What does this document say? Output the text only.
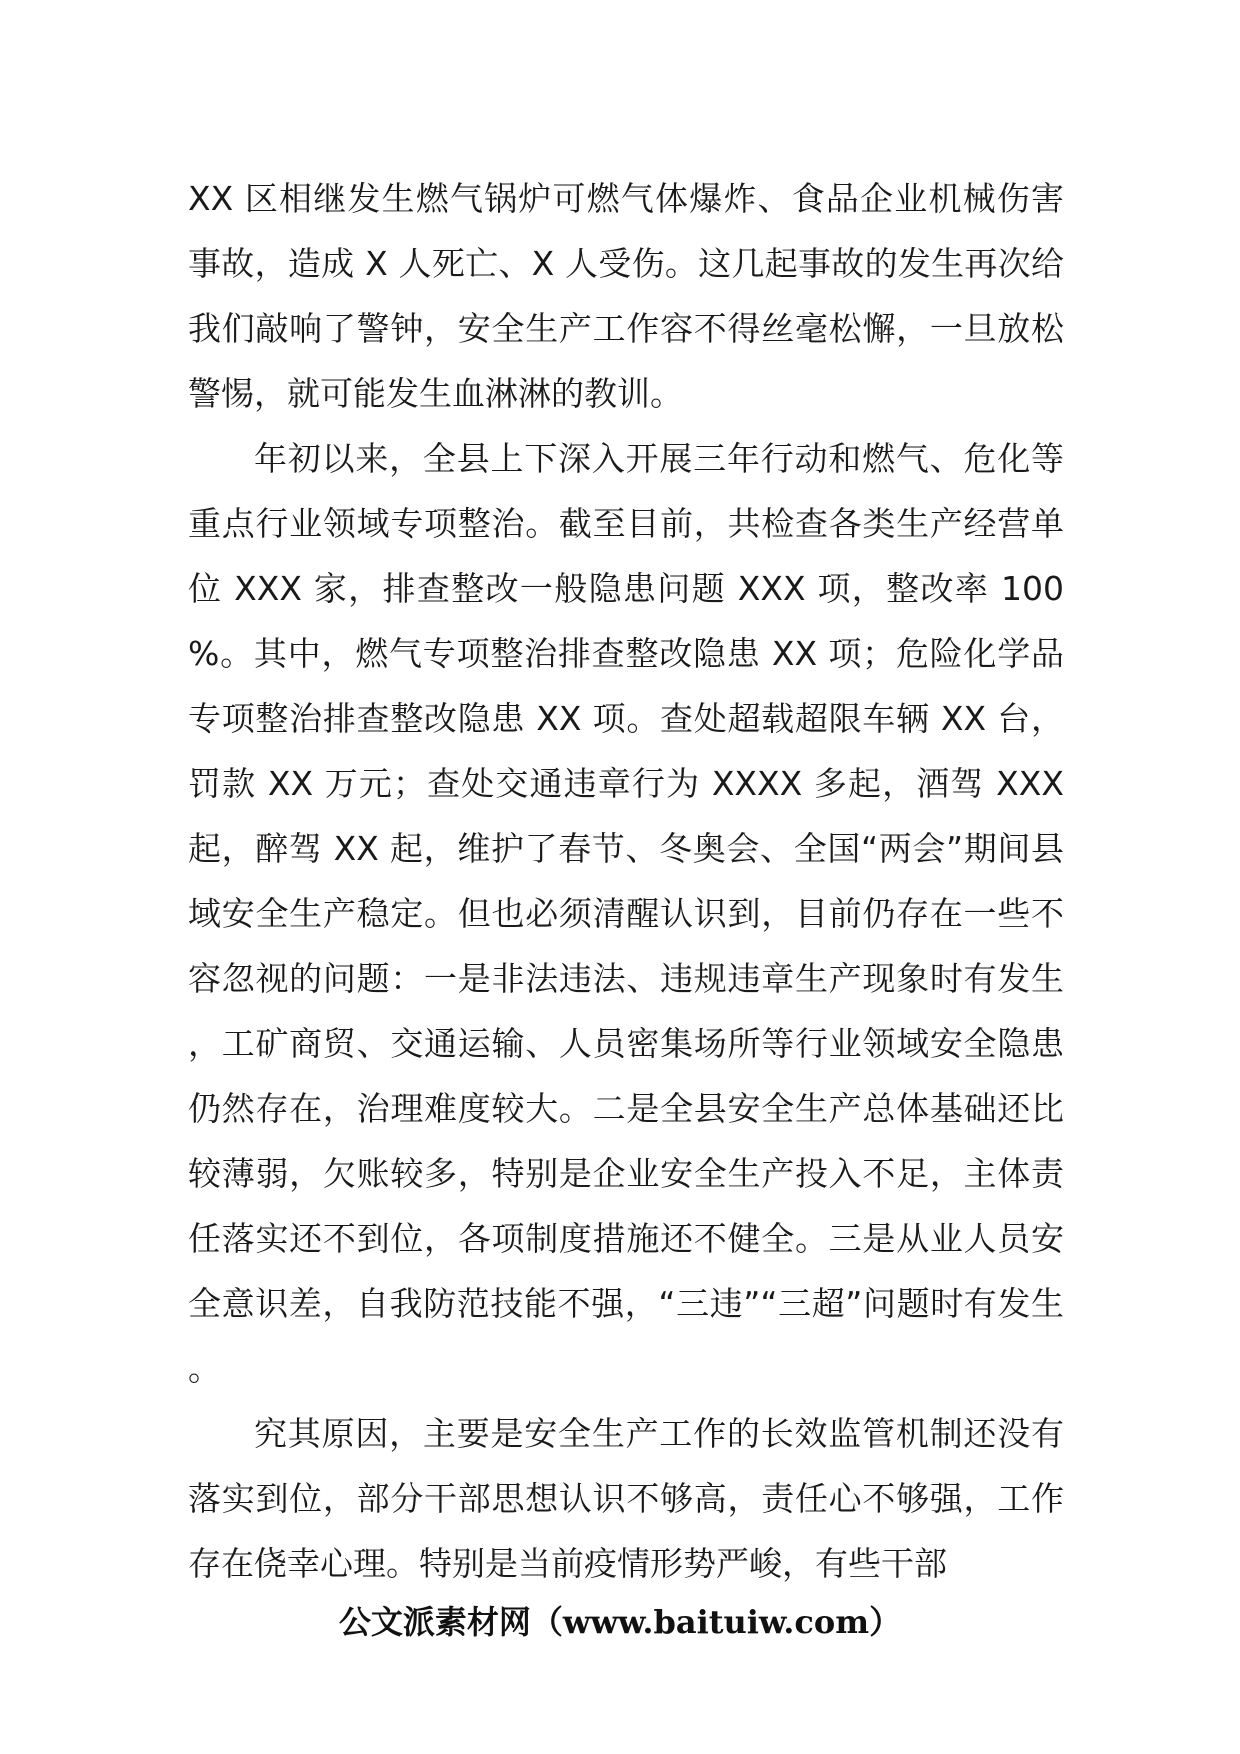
XX 区相继发生燃气锅炉可燃气体爆炸、食品企业机械伤害事故，造成 X 人死亡、X 人受伤。这几起事故的发生再次给我们敲响了警钟，安全生产工作容不得丝毫松懈，一旦放松警惕，就可能发生血淋淋的教训。

年初以来，全县上下深入开展三年行动和燃气、危化等重点行业领域专项整治。截至目前，共检查各类生产经营单位 XXX 家，排查整改一般隐患问题 XXX 项，整改率 100%。其中，燃气专项整治排查整改隐患 XX 项；危险化学品专项整治排查整改隐患 XX 项。查处超载超限车辆 XX 台，罚款 XX 万元；查处交通违章行为 XXXX 多起，酒驾 XXX 起，醉驾 XX 起，维护了春节、冬奥会、全国“两会”期间县域安全生产稳定。但也必须清醒认识到，目前仍存在一些不容忽视的问题：一是非法违法、违规违章生产现象时有发生，工矿商贸、交通运输、人员密集场所等行业领域安全隐患仍然存在，治理难度较大。二是全县安全生产总体基础还比较薄弱，欠账较多，特别是企业安全生产投入不足，主体责任落实还不到位，各项制度措施还不健全。三是从业人员安全意识差，自我防范技能不强，“三违”“三超”问题时有发生。

究其原因，主要是安全生产工作的长效监管机制还没有落实到位，部分干部思想认识不够高，责任心不够强，工作存在侥幸心理。特别是当前疫情形势严峻，有些干部

公文派素材网（www.baituiw.com）
